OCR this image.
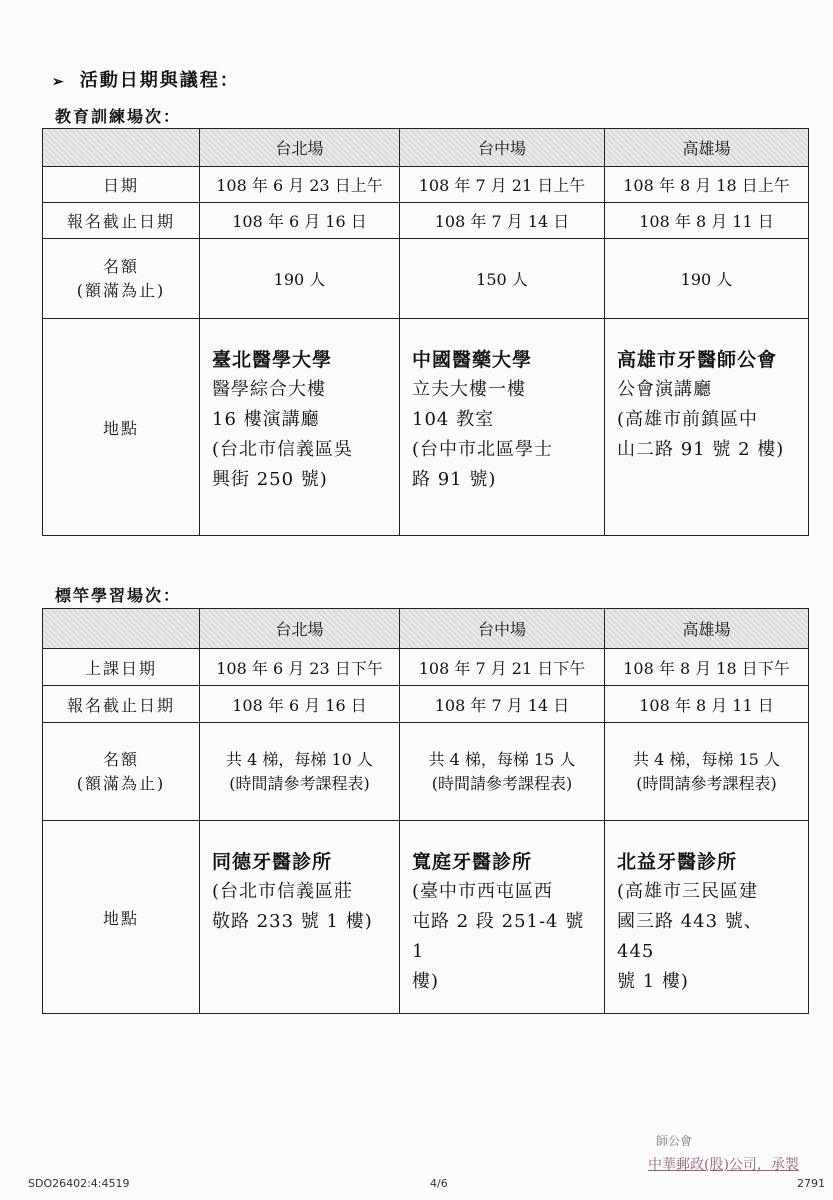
➢ 活動日期與議程：
教育訓練場次：
	台北場	台中場	高雄場
日期	108 年 6 月 23 日上午	108 年 7 月 21 日上午	108 年 8 月 18 日上午
報名截止日期	108 年 6 月 16 日	108 年 7 月 14 日	108 年 8 月 11 日

名額
(額滿為止)	190 人	150 人	190 人
地點	臺北醫學大學
醫學綜合大樓
16 樓演講廳
(台北市信義區吳
興街 250 號)	中國醫藥大學
立夫大樓一樓
104 教室
(台中市北區學士
路 91 號)	高雄市牙醫師公會
公會演講廳
(高雄市前鎮區中
山二路 91 號 2 樓)
標竿學習場次：
	台北場	台中場	高雄場
上課日期	108 年 6 月 23 日下午	108 年 7 月 21 日下午	108 年 8 月 18 日下午
報名截止日期	108 年 6 月 16 日	108 年 7 月 14 日	108 年 8 月 11 日

名額
(額滿為止)	共 4 梯，每梯 10 人
(時間請參考課程表)	共 4 梯，每梯 15 人
(時間請參考課程表)	共 4 梯，每梯 15 人
(時間請參考課程表)

地點	同德牙醫診所
(台北市信義區莊
敬路 233 號 1 樓)	寬庭牙醫診所
(臺中市西屯區西
屯路 2 段 251-4 號 1
樓)	北益牙醫診所
(高雄市三民區建
國三路 443 號、445
號 1 樓)
師公會
中華郵政(股)公司，承製
SDO26402:4:4519	4/6	2791
